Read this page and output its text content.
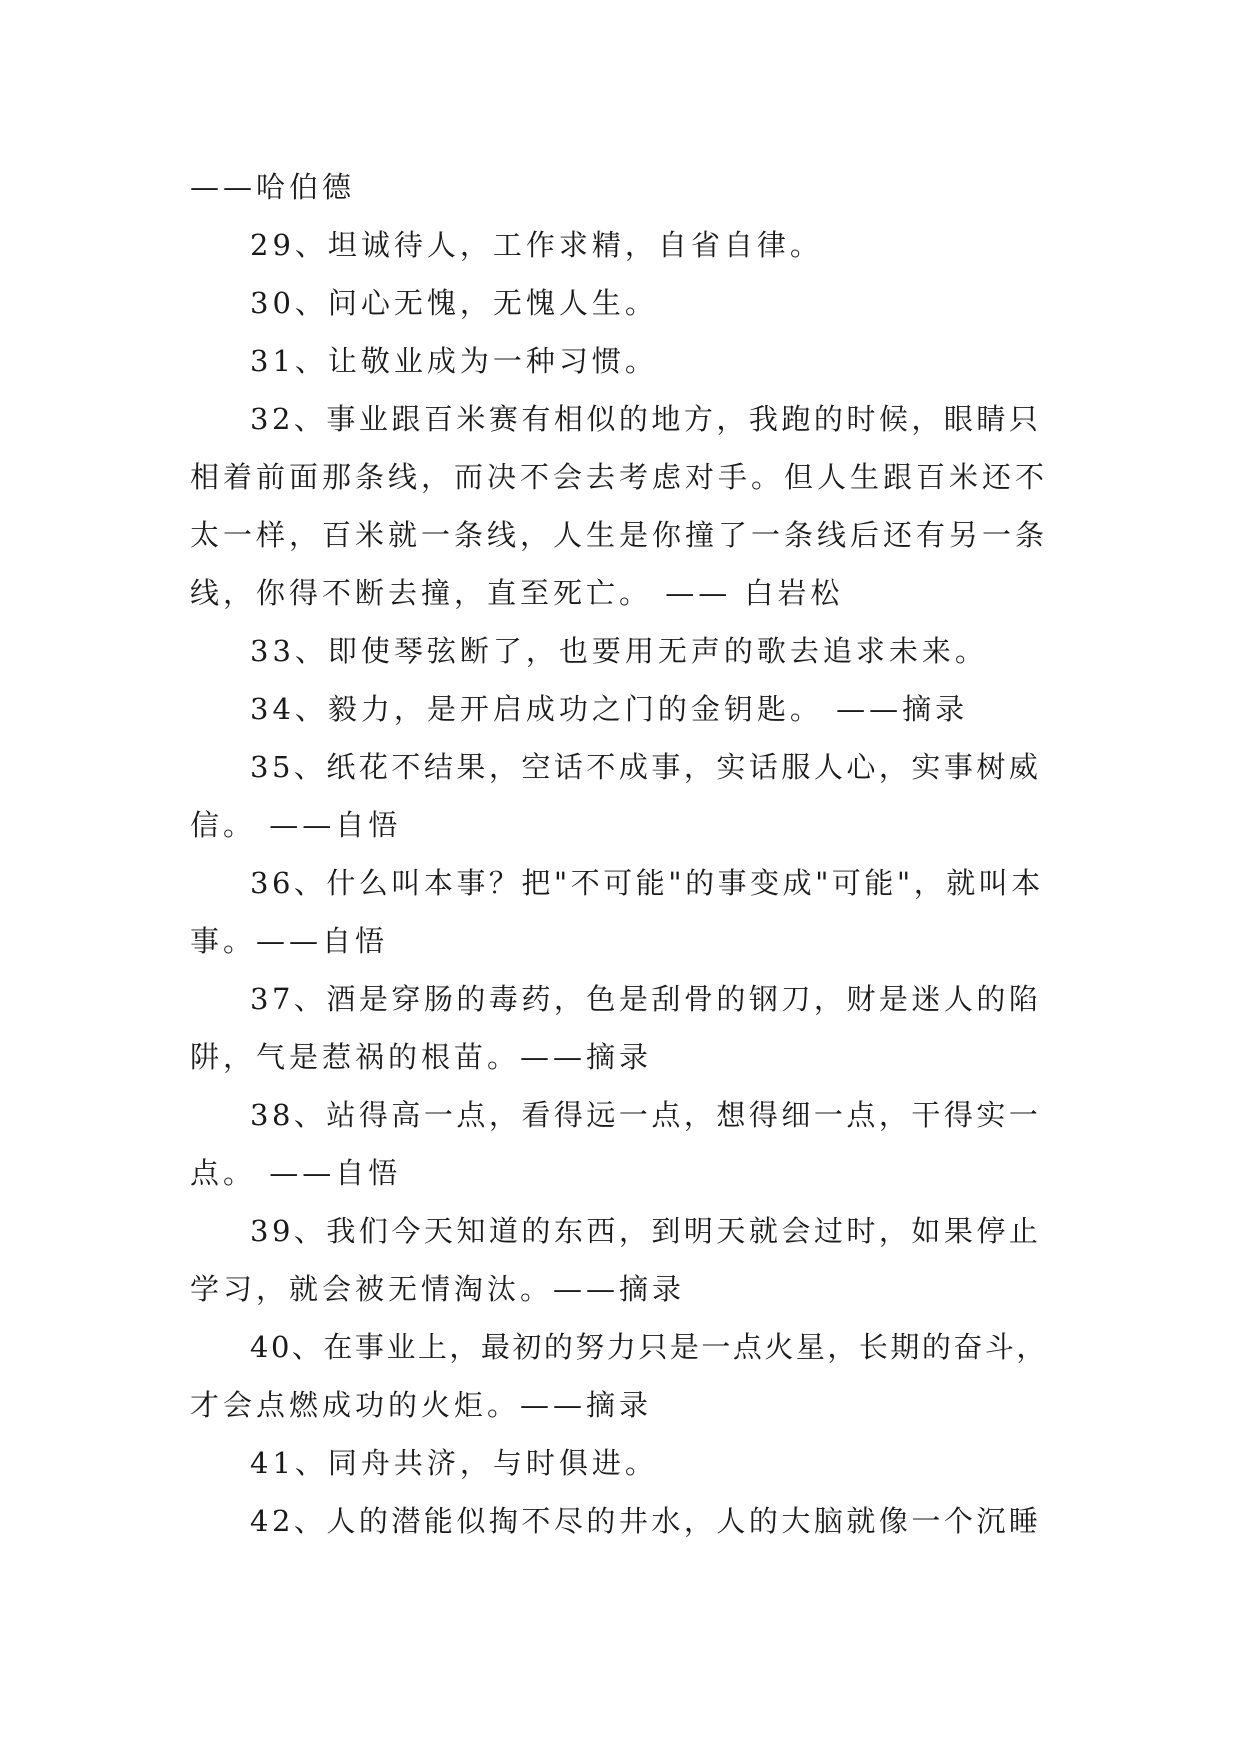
——哈伯德
29、坦诚待人，工作求精，自省自律。
30、问心无愧，无愧人生。
31、让敬业成为一种习惯。
32、事业跟百米赛有相似的地方，我跑的时候，眼睛只
相着前面那条线，而决不会去考虑对手。但人生跟百米还不
太一样，百米就一条线，人生是你撞了一条线后还有另一条
线，你得不断去撞，直至死亡。 —— 白岩松
33、即使琴弦断了，也要用无声的歌去追求未来。
34、毅力，是开启成功之门的金钥匙。 ——摘录
35、纸花不结果，空话不成事，实话服人心，实事树威
信。 ——自悟
36、什么叫本事？把"不可能"的事变成"可能"，就叫本
事。——自悟
37、酒是穿肠的毒药，色是刮骨的钢刀，财是迷人的陷
阱，气是惹祸的根苗。——摘录
38、站得高一点，看得远一点，想得细一点，干得实一
点。 ——自悟
39、我们今天知道的东西，到明天就会过时，如果停止
学习，就会被无情淘汰。——摘录
40、在事业上，最初的努力只是一点火星，长期的奋斗，
才会点燃成功的火炬。——摘录
41、同舟共济，与时俱进。
42、人的潜能似掏不尽的井水，人的大脑就像一个沉睡
